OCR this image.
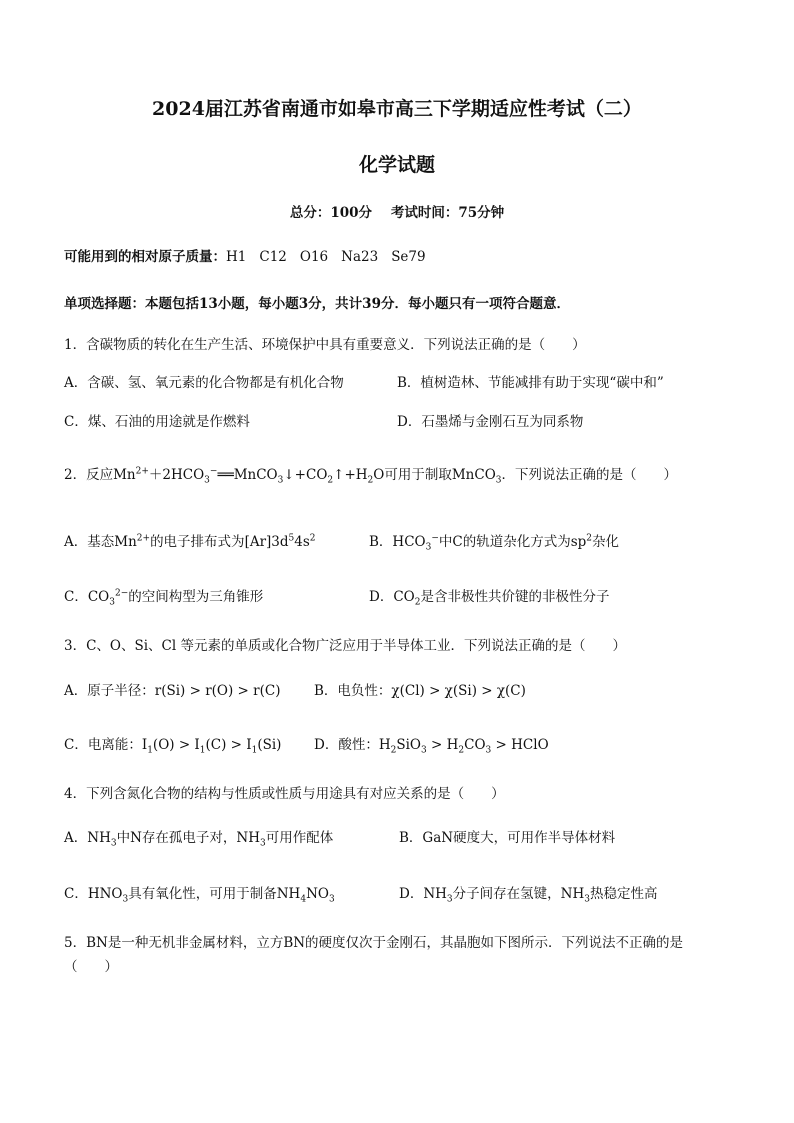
2024届江苏省南通市如皋市高三下学期适应性考试（二）
化学试题
总分：100分 考试时间：75分钟
可能用到的相对原子质量：H1 C12 O16 Na23 Se79
单项选择题：本题包括13小题，每小题3分，共计39分．每小题只有一项符合题意．
1．含碳物质的转化在生产生活、环境保护中具有重要意义．下列说法正确的是（　　）
A．含碳、氢、氧元素的化合物都是有机化合物	B．植树造林、节能减排有助于实现“碳中和”
C．煤、石油的用途就是作燃料	D．石墨烯与金刚石互为同系物
2．反应$Mn^{2+}+2HCO_3^-══MnCO_3↓+CO_2↑+H_2O$可用于制取MnCO$_3$．下列说法正确的是（　　）
A．基态$Mn^{2+}$的电子排布式为$[Ar]3d^54s^2$	B．$HCO_3^-$中C的轨道杂化方式为$sp^2$杂化
C．$CO_3^{2-}$的空间构型为三角锥形	D．$CO_2$是含非极性共价键的非极性分子
3．C、O、Si、Cl 等元素的单质或化合物广泛应用于半导体工业．下列说法正确的是（　　）
A．原子半径：r(Si) > r(O) > r(C) B．电负性：χ(Cl) > χ(Si) > χ(C)
C．电离能：$I_1(O) > I_1(C) > I_1(Si)$ D．酸性：$H_2SiO_3 > H_2CO_3$ > HClO
4．下列含氮化合物的结构与性质或性质与用途具有对应关系的是（　　）
A．$NH_3$中N存在孤电子对，$NH_3$可用作配体	B．GaN硬度大，可用作半导体材料
C．$HNO_3$具有氧化性，可用于制备$NH_4NO_3$	D．$NH_3$分子间存在氢键，$NH_3$热稳定性高
5．BN是一种无机非金属材料，立方BN的硬度仅次于金刚石，其晶胞如下图所示．下列说法不正确的是
（　　）
